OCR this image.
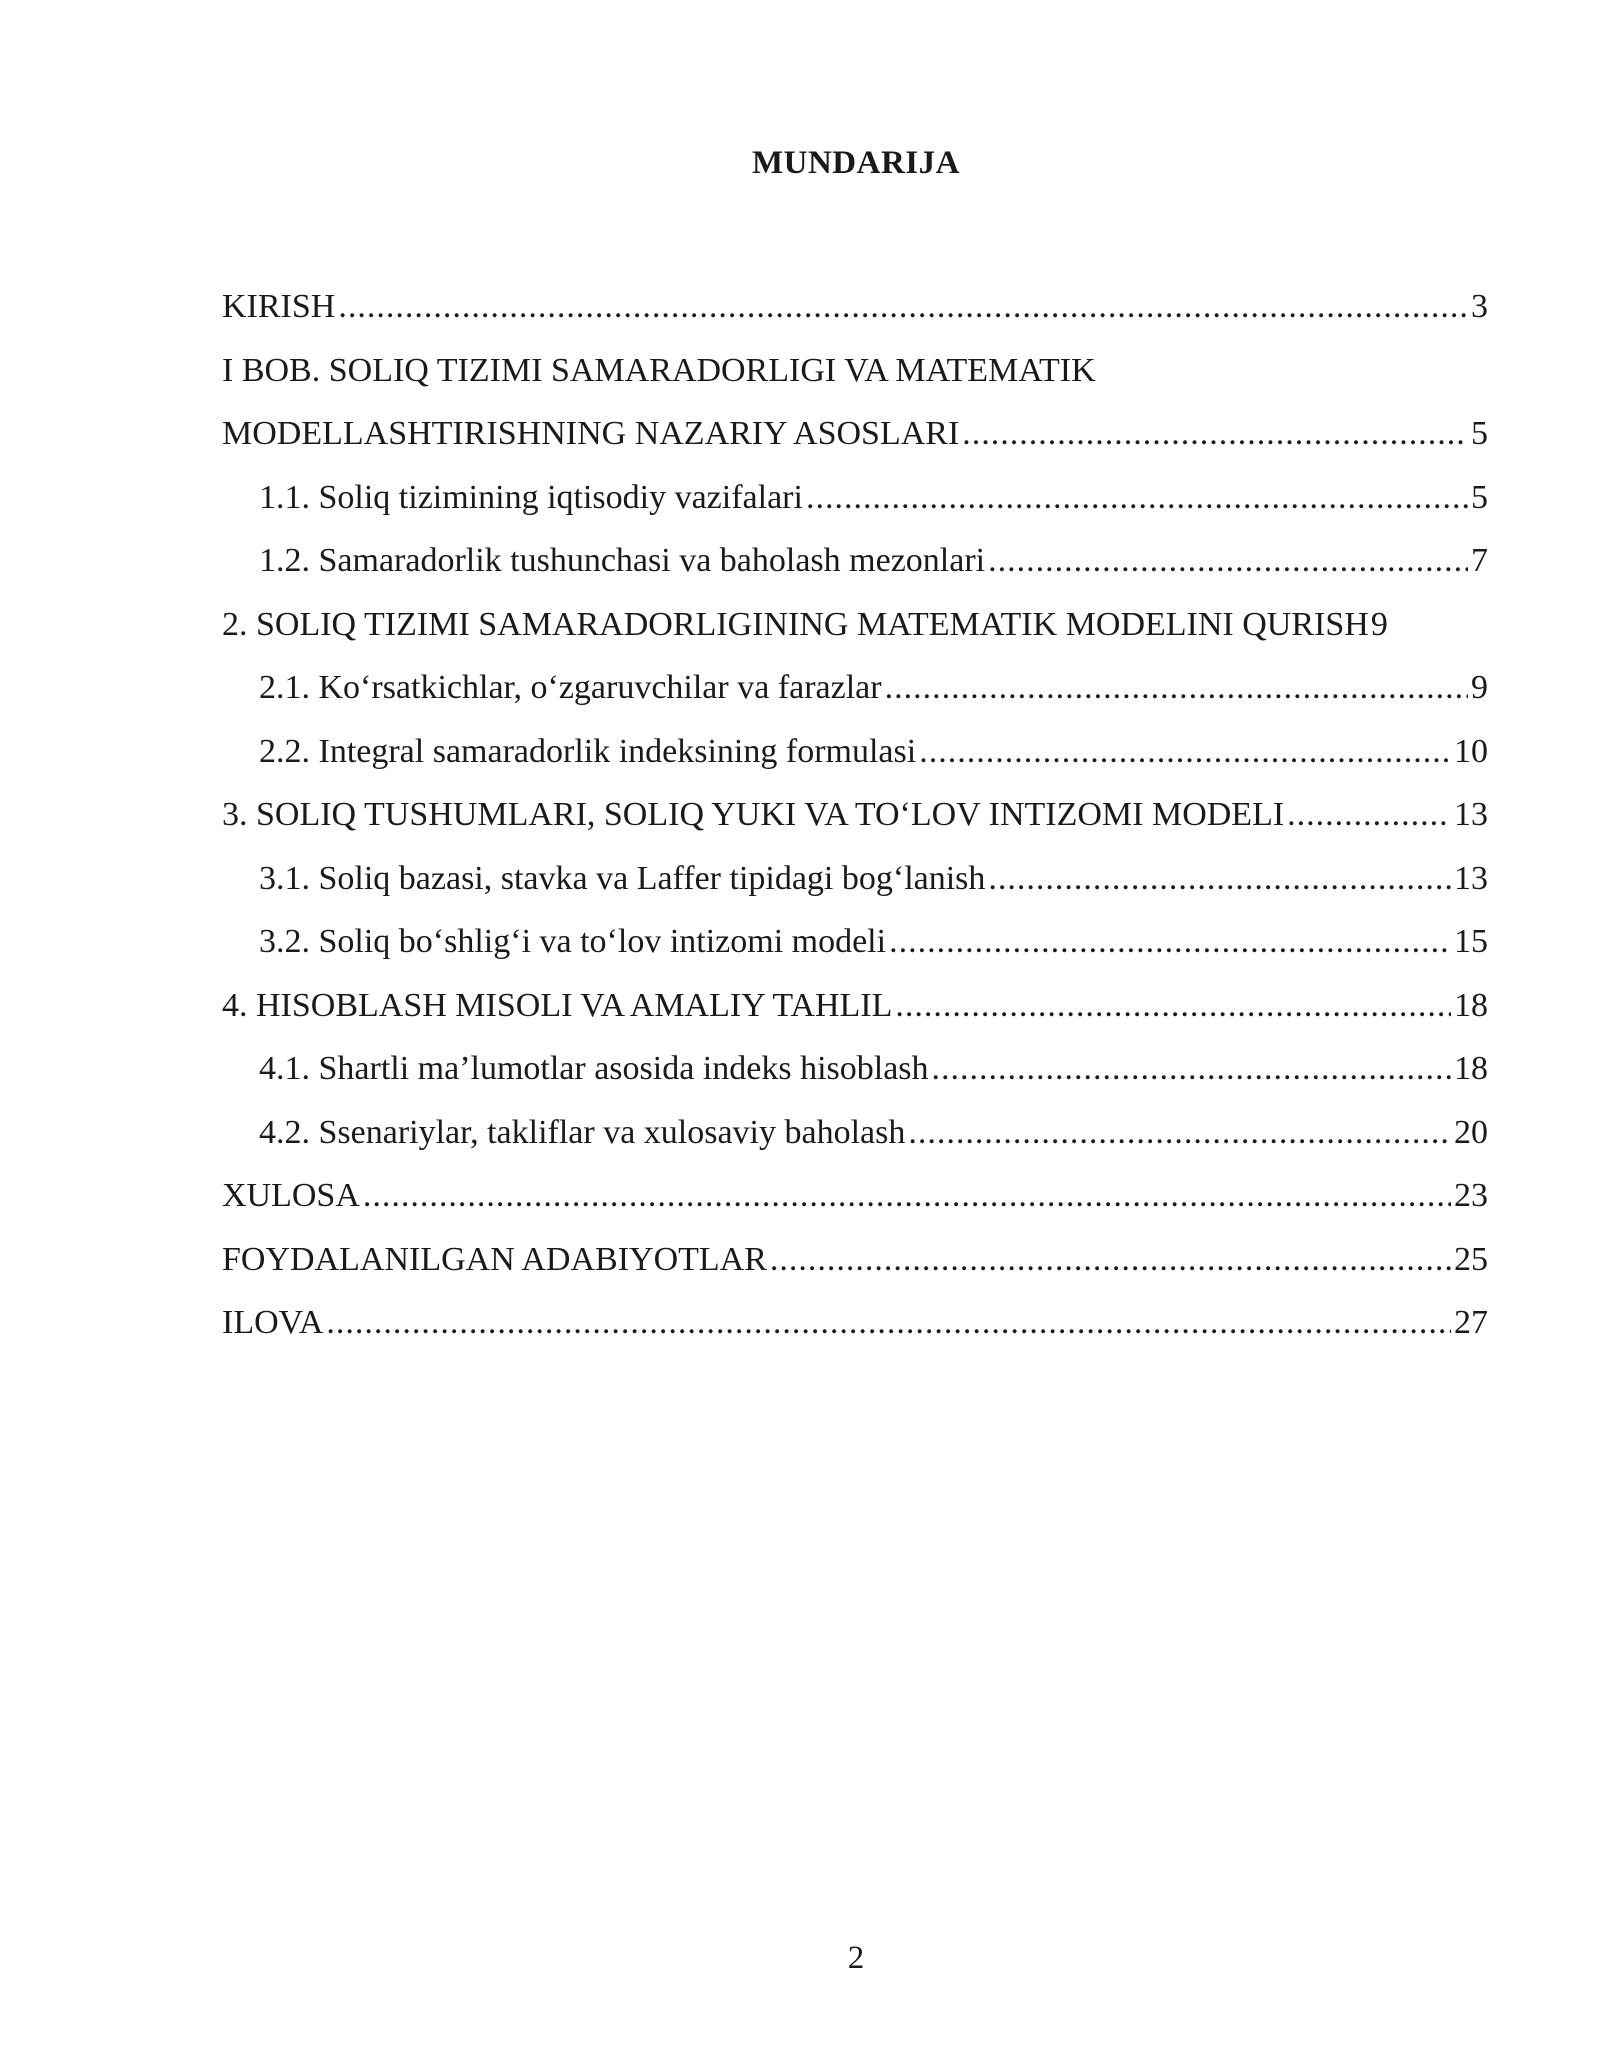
MUNDARIJA
KIRISH .....	3
I BOB. SOLIQ TIZIMI SAMARADORLIGI VA MATEMATIK
MODELLASHTIRISHNING NAZARIY ASOSLARI .....	5
1.1. Soliq tizimining iqtisodiy vazifalari .....	5
1.2. Samaradorlik tushunchasi va baholash mezonlari .....	7
2. SOLIQ TIZIMI SAMARADORLIGINING MATEMATIK MODELINI QURISH 9
2.1. Ko‘rsatkichlar, o‘zgaruvchilar va farazlar .....	9
2.2. Integral samaradorlik indeksining formulasi .....	10
3. SOLIQ TUSHUMLARI, SOLIQ YUKI VA TO‘LOV INTIZOMI MODELI .....	13
3.1. Soliq bazasi, stavka va Laffer tipidagi bog‘lanish .....	13
3.2. Soliq bo‘shlig‘i va to‘lov intizomi modeli .....	15
4. HISOBLASH MISOLI VA AMALIY TAHLIL .....	18
4.1. Shartli ma’lumotlar asosida indeks hisoblash .....	18
4.2. Ssenariylar, takliflar va xulosaviy baholash .....	20
XULOSA .....	23
FOYDALANILGAN ADABIYOTLAR .....	25
ILOVA .....	27
2
